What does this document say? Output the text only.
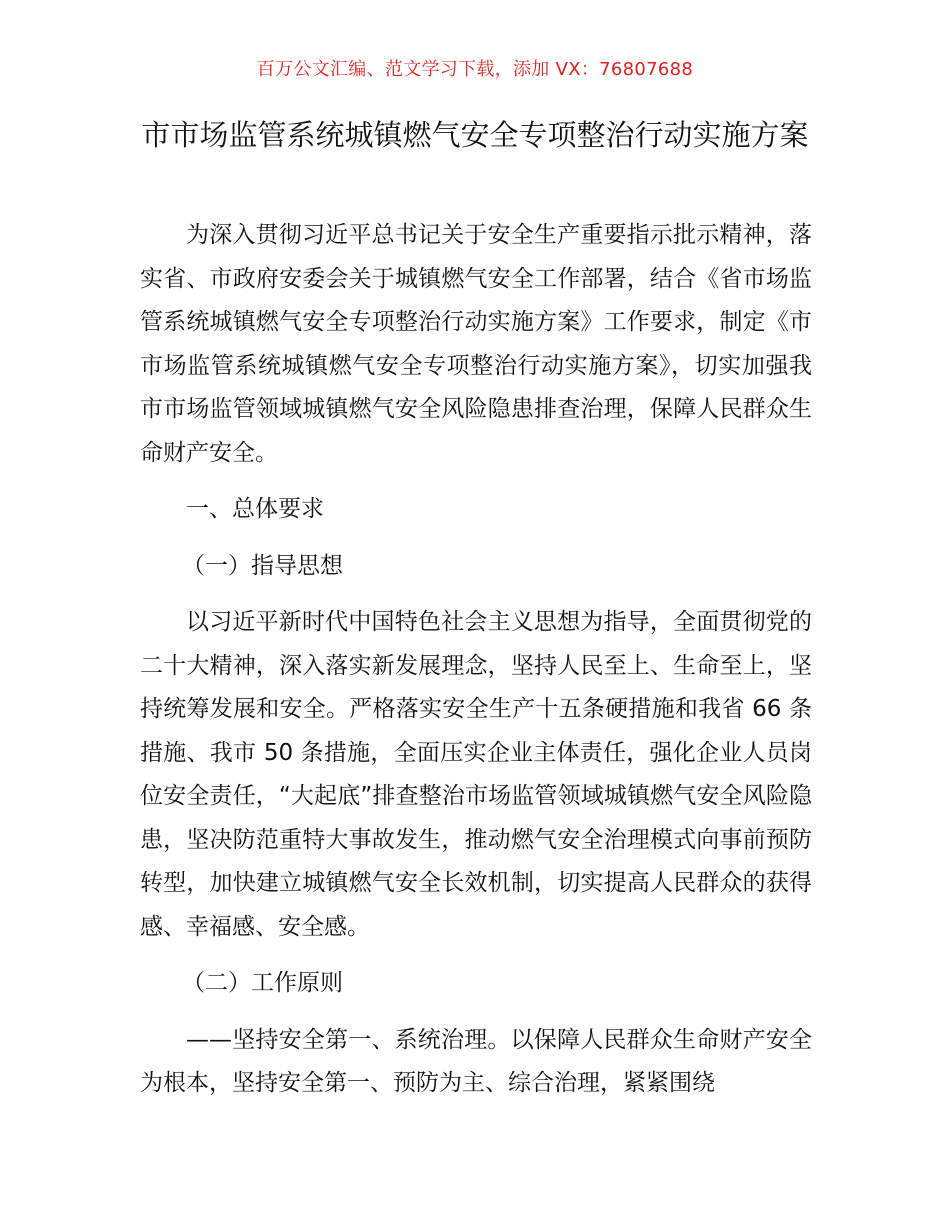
百万公文汇编、范文学习下载，添加 VX：76807688
市市场监管系统城镇燃气安全专项整治行动实施方案

为深入贯彻习近平总书记关于安全生产重要指示批示精神，落实省、市政府安委会关于城镇燃气安全工作部署，结合《省市场监管系统城镇燃气安全专项整治行动实施方案》工作要求，制定《市市场监管系统城镇燃气安全专项整治行动实施方案》，切实加强我市市场监管领域城镇燃气安全风险隐患排查治理，保障人民群众生命财产安全。

一、总体要求

（一）指导思想

以习近平新时代中国特色社会主义思想为指导，全面贯彻党的二十大精神，深入落实新发展理念，坚持人民至上、生命至上，坚持统筹发展和安全。严格落实安全生产十五条硬措施和我省 66 条措施、我市 50 条措施，全面压实企业主体责任，强化企业人员岗位安全责任，“大起底”排查整治市场监管领域城镇燃气安全风险隐患，坚决防范重特大事故发生，推动燃气安全治理模式向事前预防转型，加快建立城镇燃气安全长效机制，切实提高人民群众的获得感、幸福感、安全感。

（二）工作原则

——坚持安全第一、系统治理。以保障人民群众生命财产安全为根本，坚持安全第一、预防为主、综合治理，紧紧围绕
